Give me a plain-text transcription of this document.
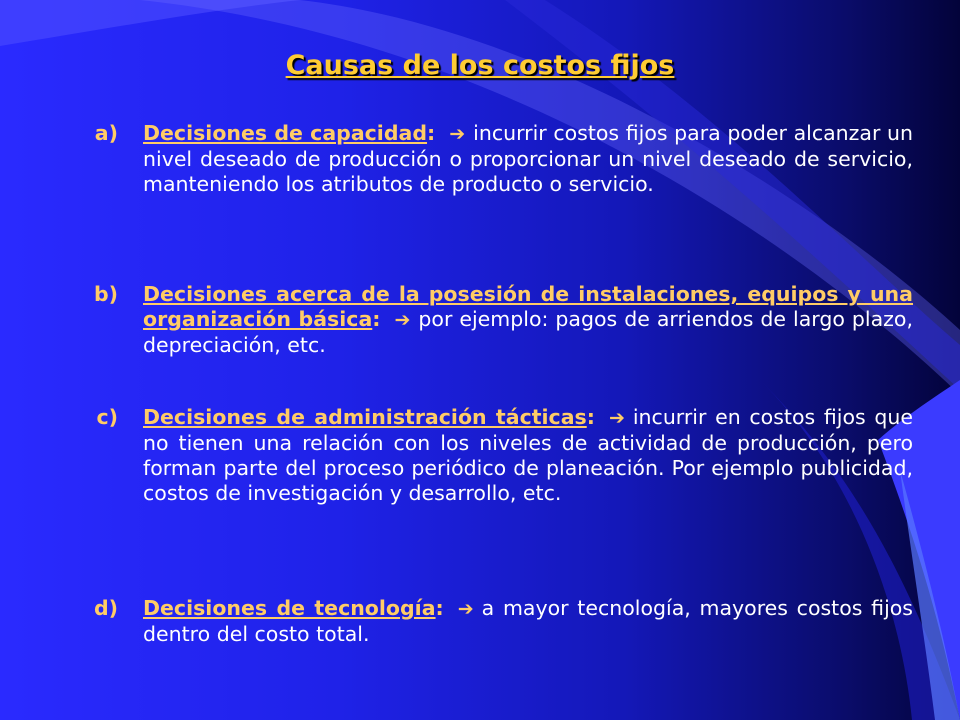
Causas de los costos fijos
a) Decisiones de capacidad: ➔ incurrir costos fijos para poder alcanzar un nivel deseado de producción o proporcionar un nivel deseado de servicio, manteniendo los atributos de producto o servicio.
b) Decisiones acerca de la posesión de instalaciones, equipos y una organización básica: ➔ por ejemplo: pagos de arriendos de largo plazo, depreciación, etc.
c) Decisiones de administración tácticas: ➔ incurrir en costos fijos que no tienen una relación con los niveles de actividad de producción, pero forman parte del proceso periódico de planeación. Por ejemplo publicidad, costos de investigación y desarrollo, etc.
d) Decisiones de tecnología: ➔ a mayor tecnología, mayores costos fijos dentro del costo total.
